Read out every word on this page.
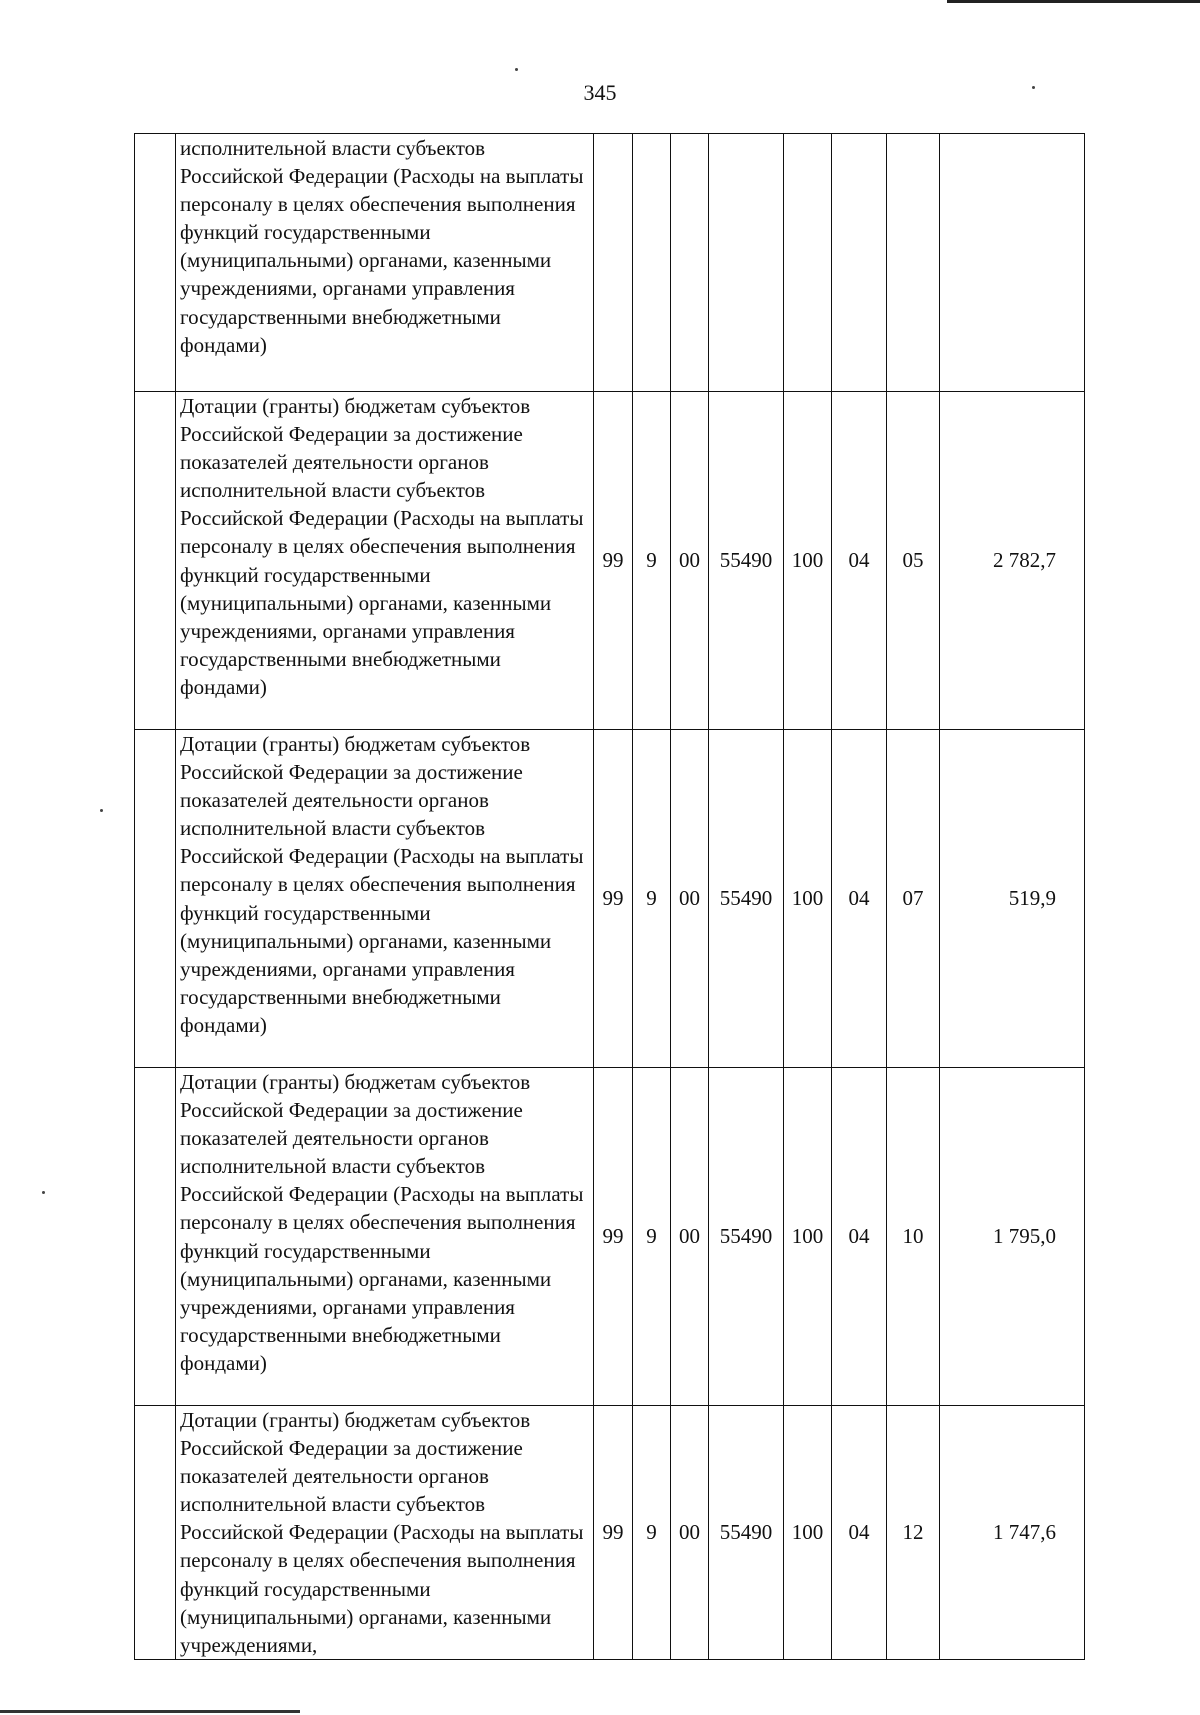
345
	исполнительной власти субъектов Российской Федерации (Расходы на выплаты персоналу в целях обеспечения выполнения функций государственными (муниципальными) органами, казенными учреждениями, органами управления государственными внебюджетными фондами)								
	Дотации (гранты) бюджетам субъектов Российской Федерации за достижение показателей деятельности органов исполнительной власти субъектов Российской Федерации (Расходы на выплаты персоналу в целях обеспечения выполнения функций государственными (муниципальными) органами, казенными учреждениями, органами управления государственными внебюджетными фондами)	99	9	00	55490	100	04	05	2 782,7
	Дотации (гранты) бюджетам субъектов Российской Федерации за достижение показателей деятельности органов исполнительной власти субъектов Российской Федерации (Расходы на выплаты персоналу в целях обеспечения выполнения функций государственными (муниципальными) органами, казенными учреждениями, органами управления государственными внебюджетными фондами)	99	9	00	55490	100	04	07	519,9
	Дотации (гранты) бюджетам субъектов Российской Федерации за достижение показателей деятельности органов исполнительной власти субъектов Российской Федерации (Расходы на выплаты персоналу в целях обеспечения выполнения функций государственными (муниципальными) органами, казенными учреждениями, органами управления государственными внебюджетными фондами)	99	9	00	55490	100	04	10	1 795,0
	Дотации (гранты) бюджетам субъектов Российской Федерации за достижение показателей деятельности органов исполнительной власти субъектов Российской Федерации (Расходы на выплаты персоналу в целях обеспечения выполнения функций государственными (муниципальными) органами, казенными учреждениями,	99	9	00	55490	100	04	12	1 747,6
